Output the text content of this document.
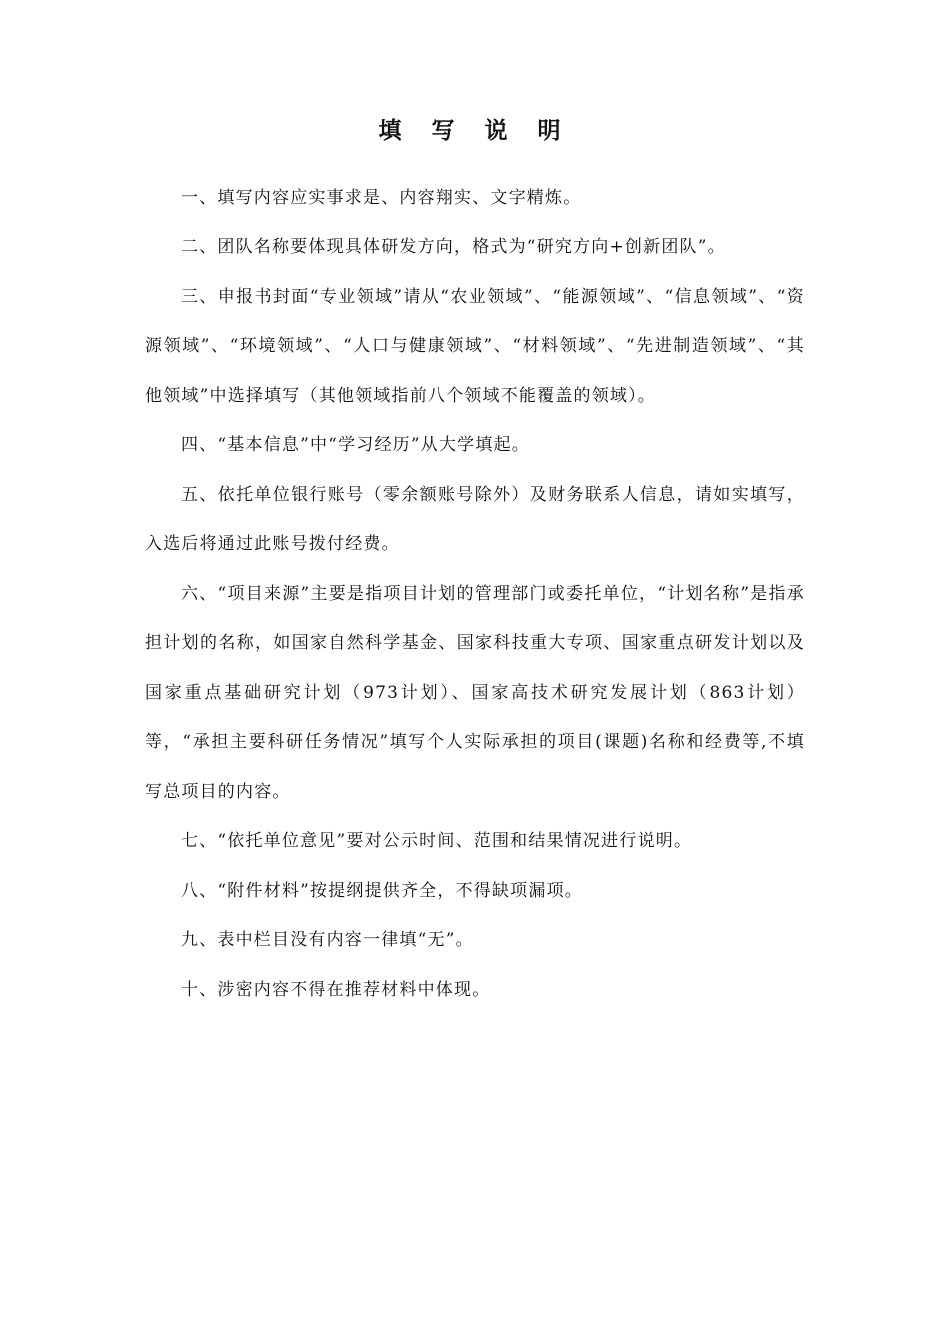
填 写 说 明

一、填写内容应实事求是、内容翔实、文字精炼。

二、团队名称要体现具体研发方向，格式为“研究方向+创新团队”。

三、申报书封面“专业领域”请从“农业领域”、“能源领域”、“信息领域”、“资源领域”、“环境领域”、“人口与健康领域”、“材料领域”、“先进制造领域”、“其他领域”中选择填写（其他领域指前八个领域不能覆盖的领域）。

四、“基本信息”中“学习经历”从大学填起。

五、依托单位银行账号（零余额账号除外）及财务联系人信息，请如实填写，入选后将通过此账号拨付经费。

六、“项目来源”主要是指项目计划的管理部门或委托单位，“计划名称”是指承担计划的名称，如国家自然科学基金、国家科技重大专项、国家重点研发计划以及国家重点基础研究计划（973计划）、国家高技术研究发展计划（863计划）等，“承担主要科研任务情况”填写个人实际承担的项目(课题)名称和经费等,不填写总项目的内容。

七、“依托单位意见”要对公示时间、范围和结果情况进行说明。

八、“附件材料”按提纲提供齐全，不得缺项漏项。

九、表中栏目没有内容一律填“无”。

十、涉密内容不得在推荐材料中体现。
